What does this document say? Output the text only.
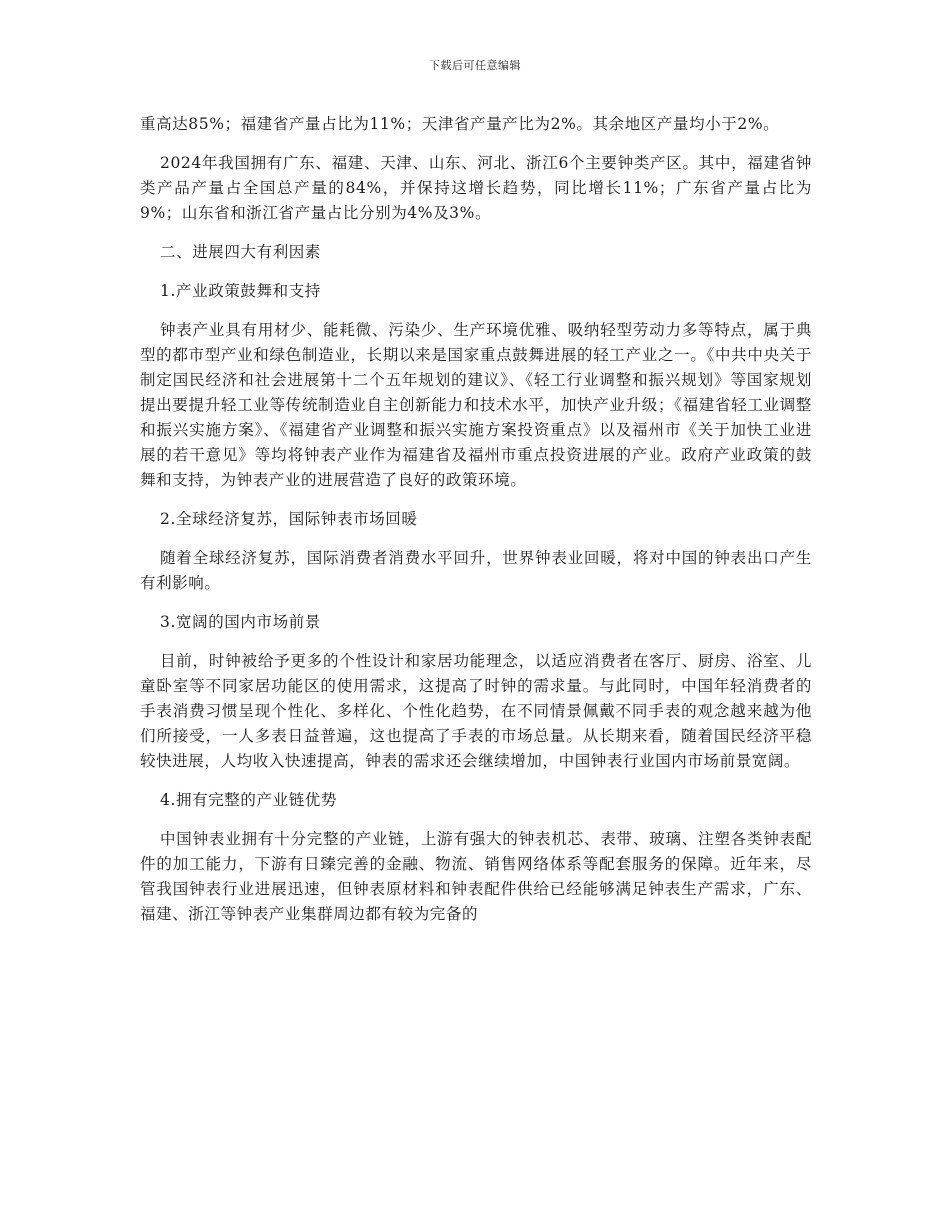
下载后可任意编辑

重高达85%；福建省产量占比为11%；天津省产量产比为2%。其余地区产量均小于2%。

2024年我国拥有广东、福建、天津、山东、河北、浙江6个主要钟类产区。其中，福建省钟类产品产量占全国总产量的84%，并保持这增长趋势，同比增长11%；广东省产量占比为9%；山东省和浙江省产量占比分别为4%及3%。

二、进展四大有利因素

1.产业政策鼓舞和支持

钟表产业具有用材少、能耗微、污染少、生产环境优雅、吸纳轻型劳动力多等特点，属于典型的都市型产业和绿色制造业，长期以来是国家重点鼓舞进展的轻工产业之一。《中共中央关于制定国民经济和社会进展第十二个五年规划的建议》、《轻工行业调整和振兴规划》等国家规划提出要提升轻工业等传统制造业自主创新能力和技术水平，加快产业升级；《福建省轻工业调整和振兴实施方案》、《福建省产业调整和振兴实施方案投资重点》以及福州市《关于加快工业进展的若干意见》等均将钟表产业作为福建省及福州市重点投资进展的产业。政府产业政策的鼓舞和支持，为钟表产业的进展营造了良好的政策环境。

2.全球经济复苏，国际钟表市场回暖

随着全球经济复苏，国际消费者消费水平回升，世界钟表业回暖，将对中国的钟表出口产生有利影响。

3.宽阔的国内市场前景

目前，时钟被给予更多的个性设计和家居功能理念，以适应消费者在客厅、厨房、浴室、儿童卧室等不同家居功能区的使用需求，这提高了时钟的需求量。与此同时，中国年轻消费者的手表消费习惯呈现个性化、多样化、个性化趋势，在不同情景佩戴不同手表的观念越来越为他们所接受，一人多表日益普遍，这也提高了手表的市场总量。从长期来看，随着国民经济平稳较快进展，人均收入快速提高，钟表的需求还会继续增加，中国钟表行业国内市场前景宽阔。

4.拥有完整的产业链优势

中国钟表业拥有十分完整的产业链，上游有强大的钟表机芯、表带、玻璃、注塑各类钟表配件的加工能力，下游有日臻完善的金融、物流、销售网络体系等配套服务的保障。近年来，尽管我国钟表行业进展迅速，但钟表原材料和钟表配件供给已经能够满足钟表生产需求，广东、福建、浙江等钟表产业集群周边都有较为完备的
